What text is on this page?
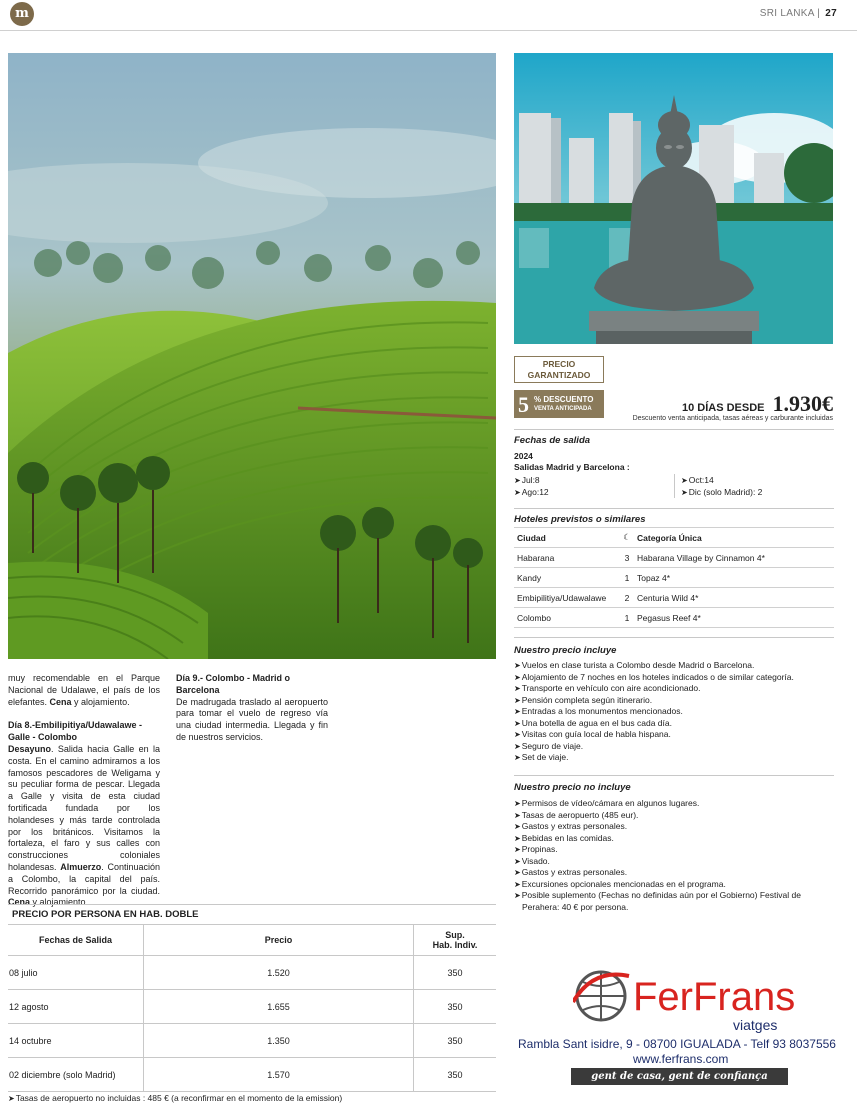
m	SRI LANKA | 27
PRECIO
GARANTIZADO
5 % DESCUENTO
VENTA ANTICIPADA	10 DÍAS DESDE 1.930€
Descuento venta anticipada, tasas aéreas y carburante incluidas
Fechas de salida
2024
Salidas Madrid y Barcelona :
➤Jul:8
➤Ago:12
➤Oct:14
➤Dic (solo Madrid): 2
Hoteles previstos o similares
Ciudad	☾	Categoría Única
Habarana	3	Habarana Village by Cinnamon 4*
Kandy	1	Topaz 4*
Embipilitiya/Udawalawe	2	Centuria Wild 4*
Colombo	1	Pegasus Reef 4*
Nuestro precio incluye
➤Vuelos en clase turista a Colombo desde Madrid o Barcelona.
➤Alojamiento de 7 noches en los hoteles indicados o de similar categoría.
➤Transporte en vehículo con aire acondicionado.
➤Pensión completa según itinerario.
➤Entradas a los monumentos mencionados.
➤Una botella de agua en el bus cada día.
➤Visitas con guía local de habla hispana.
➤Seguro de viaje.
➤Set de viaje.
Nuestro precio no incluye
➤Permisos de vídeo/cámara en algunos lugares.
➤Tasas de aeropuerto (485 eur).
➤Gastos y extras personales.
➤Bebidas en las comidas.
➤Propinas.
➤Visado.
➤Gastos y extras personales.
➤Excursiones opcionales mencionadas en el programa.
➤Posible suplemento (Fechas no definidas aún por el Gobierno) Festival de Perahera: 40 € por persona.

muy recomendable en el Parque Nacional de Udalawe, el país de los elefantes. Cena y alojamiento.

Día 8.-Embilipitiya/Udawalawe - Galle - Colombo

Desayuno. Salida hacia Galle en la costa. En el camino admiramos a los famosos pescadores de Weligama y su peculiar forma de pescar. Llegada a Galle y visita de esta ciudad fortificada fundada por los holandeses y más tarde controlada por los británicos. Visitamos la fortaleza, el faro y sus calles con construcciones coloniales holandesas. Almuerzo. Continuación a Colombo, la capital del país. Recorrido panorámico por la ciudad. Cena y alojamiento.

Día 9.- Colombo - Madrid o Barcelona

De madrugada traslado al aeropuerto para tomar el vuelo de regreso vía una ciudad intermedia. Llegada y fin de nuestros servicios.

PRECIO POR PERSONA EN HAB. DOBLE
Fechas de Salida	Precio	Sup.
Hab. Indiv.

08 julio	1.520	350
12 agosto	1.655	350
14 octubre	1.350	350
02 diciembre (solo Madrid)	1.570	350
➤Tasas de aeropuerto no incluidas : 485 € (a reconfirmar en el momento de la emission)
FerFrans
viatges
Rambla Sant isidre, 9 - 08700 IGUALADA - Telf 93 8037556
www.ferfrans.com
gent de casa, gent de confiança
